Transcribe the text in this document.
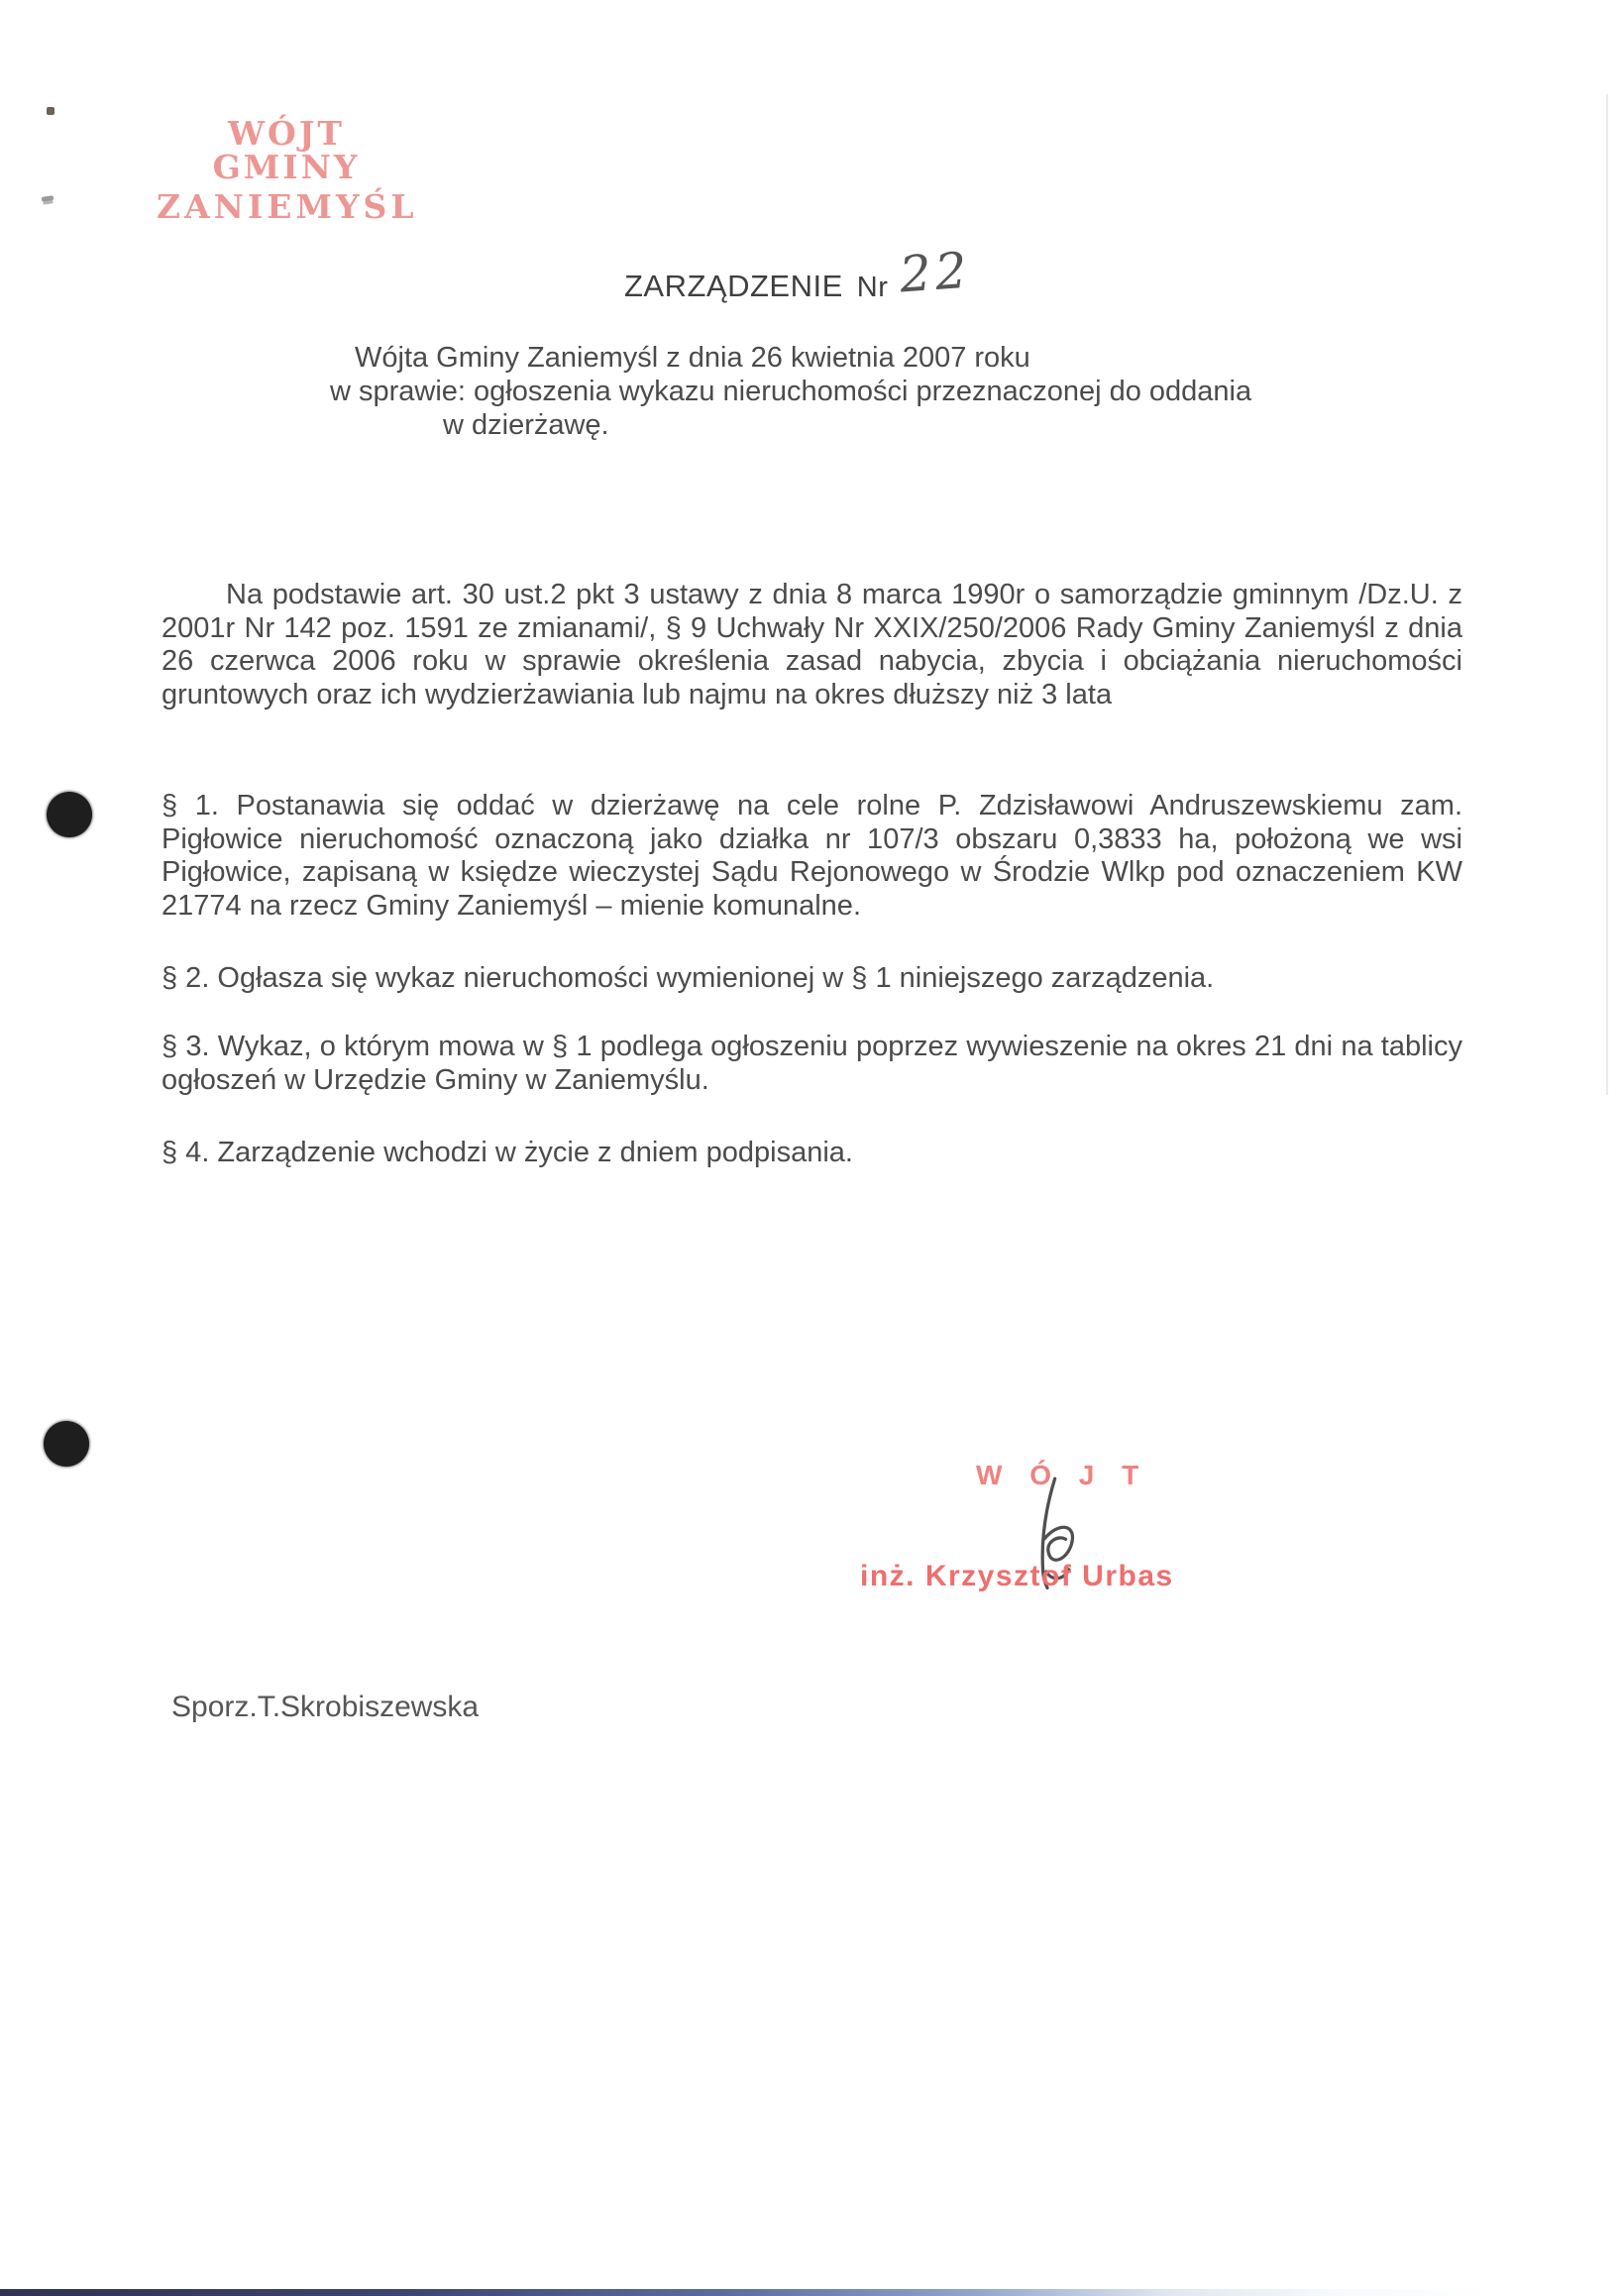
WÓJT GMINY
ZANIEMYŚL
ZARZĄDZENIE Nr 22
Wójta Gminy Zaniemyśl z dnia 26 kwietnia 2007 roku
w sprawie: ogłoszenia wykazu nieruchomości przeznaczonej do oddania
w dzierżawę.
Na podstawie art. 30 ust.2 pkt 3 ustawy z dnia 8 marca 1990r o samorządzie gminnym /Dz.U. z 2001r Nr 142 poz. 1591 ze zmianami/, § 9 Uchwały Nr XXIX/250/2006 Rady Gminy Zaniemyśl z dnia 26 czerwca 2006 roku w sprawie określenia zasad nabycia, zbycia i obciążania nieruchomości gruntowych oraz ich wydzierżawiania lub najmu na okres dłuższy niż 3 lata
§ 1. Postanawia się oddać w dzierżawę na cele rolne P. Zdzisławowi Andruszewskiemu zam. Pigłowice nieruchomość oznaczoną jako działka nr 107/3 obszaru 0,3833 ha, położoną we wsi Pigłowice, zapisaną w księdze wieczystej Sądu Rejonowego w Środzie Wlkp pod oznaczeniem KW 21774 na rzecz Gminy Zaniemyśl – mienie komunalne.
§ 2. Ogłasza się wykaz nieruchomości wymienionej w § 1 niniejszego zarządzenia.
§ 3. Wykaz, o którym mowa w § 1 podlega ogłoszeniu poprzez wywieszenie na okres 21 dni na tablicy ogłoszeń w Urzędzie Gminy w Zaniemyślu.
§ 4. Zarządzenie wchodzi w życie z dniem podpisania.
W Ó J T
inż. Krzysztof Urbas
Sporz.T.Skrobiszewska
